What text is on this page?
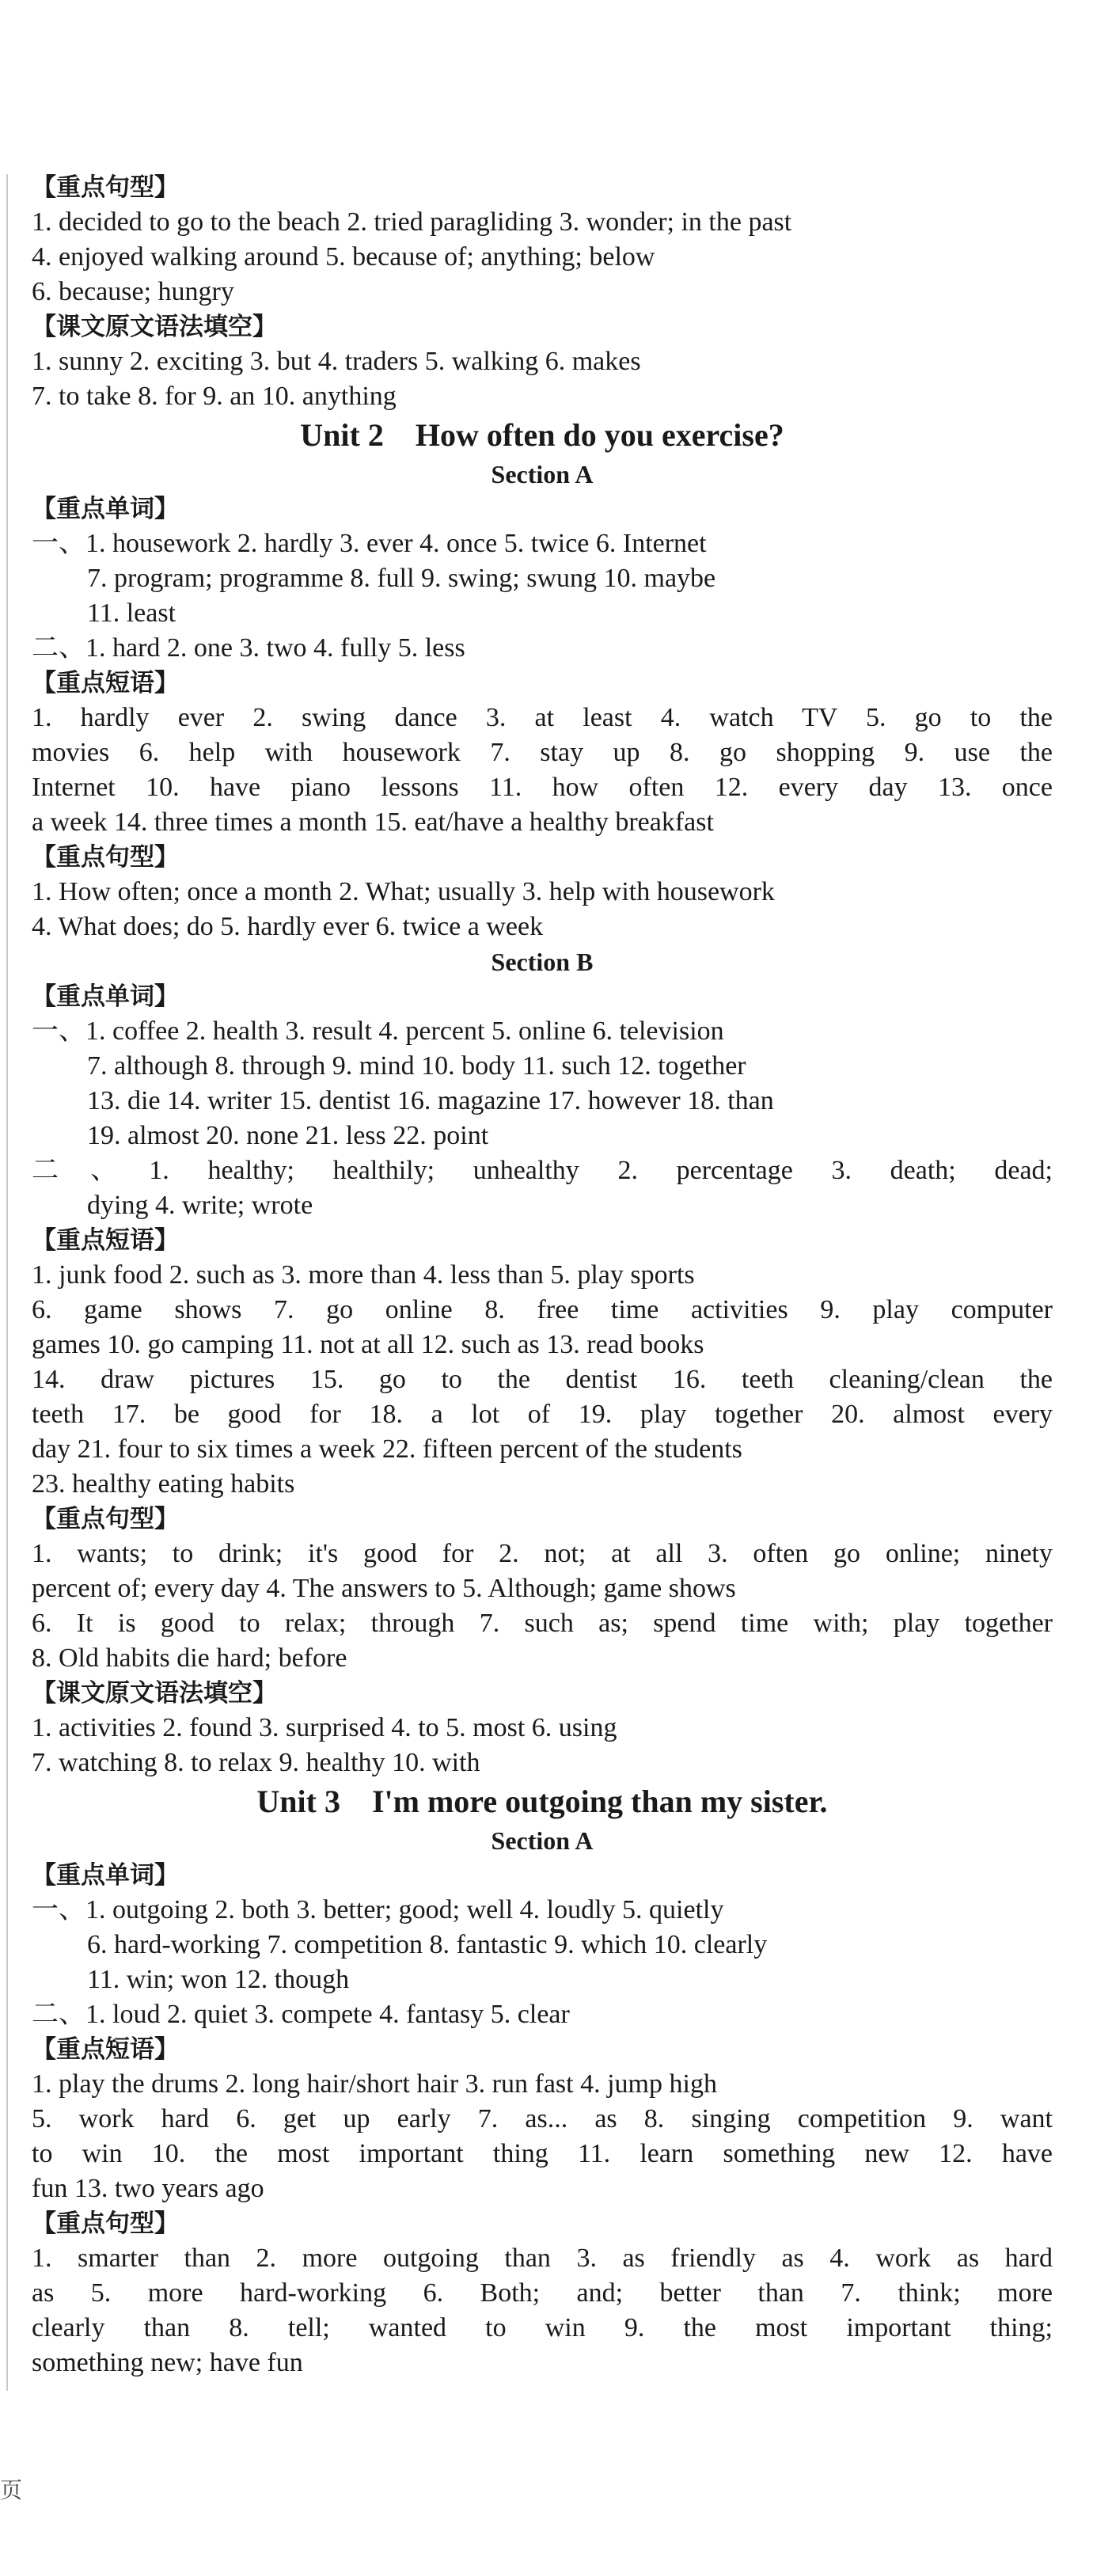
【重点句型】
1. decided to go to the beach 2. tried paragliding 3. wonder; in the past
4. enjoyed walking around 5. because of; anything; below
6. because; hungry
【课文原文语法填空】
1. sunny 2. exciting 3. but 4. traders 5. walking 6. makes
7. to take 8. for 9. an 10. anything
Unit 2    How often do you exercise?
Section A
【重点单词】
一、1. housework 2. hardly 3. ever 4. once 5. twice 6. Internet
7. program; programme 8. full 9. swing; swung 10. maybe
11. least
二、1. hard 2. one 3. two 4. fully 5. less
【重点短语】
1. hardly ever 2. swing dance 3. at least 4. watch TV 5. go to the
movies 6. help with housework 7. stay up 8. go shopping 9. use the
Internet 10. have piano lessons 11. how often 12. every day 13. once
a week 14. three times a month 15. eat/have a healthy breakfast
【重点句型】
1. How often; once a month 2. What; usually 3. help with housework
4. What does; do 5. hardly ever 6. twice a week
Section B
【重点单词】
一、1. coffee 2. health 3. result 4. percent 5. online 6. television
7. although 8. through 9. mind 10. body 11. such 12. together
13. die 14. writer 15. dentist 16. magazine 17. however 18. than
19. almost 20. none 21. less 22. point
二、1. healthy; healthily; unhealthy 2. percentage 3. death; dead;
dying 4. write; wrote
【重点短语】
1. junk food 2. such as 3. more than 4. less than 5. play sports
6. game shows 7. go online 8. free time activities 9. play computer
games 10. go camping 11. not at all 12. such as 13. read books
14. draw pictures 15. go to the dentist 16. teeth cleaning/clean the
teeth 17. be good for 18. a lot of 19. play together 20. almost every
day 21. four to six times a week 22. fifteen percent of the students
23. healthy eating habits
【重点句型】
1. wants; to drink; it's good for 2. not; at all 3. often go online; ninety
percent of; every day 4. The answers to 5. Although; game shows
6. It is good to relax; through 7. such as; spend time with; play together
8. Old habits die hard; before
【课文原文语法填空】
1. activities 2. found 3. surprised 4. to 5. most 6. using
7. watching 8. to relax 9. healthy 10. with
Unit 3    I'm more outgoing than my sister.
Section A
【重点单词】
一、1. outgoing 2. both 3. better; good; well 4. loudly 5. quietly
6. hard-working 7. competition 8. fantastic 9. which 10. clearly
11. win; won 12. though
二、1. loud 2. quiet 3. compete 4. fantasy 5. clear
【重点短语】
1. play the drums 2. long hair/short hair 3. run fast 4. jump high
5. work hard 6. get up early 7. as... as 8. singing competition 9. want
to win 10. the most important thing 11. learn something new 12. have
fun 13. two years ago
【重点句型】
1. smarter than 2. more outgoing than 3. as friendly as 4. work as hard
as 5. more hard-working 6. Both; and; better than 7. think; more
clearly than 8. tell; wanted to win 9. the most important thing;
something new; have fun
页
